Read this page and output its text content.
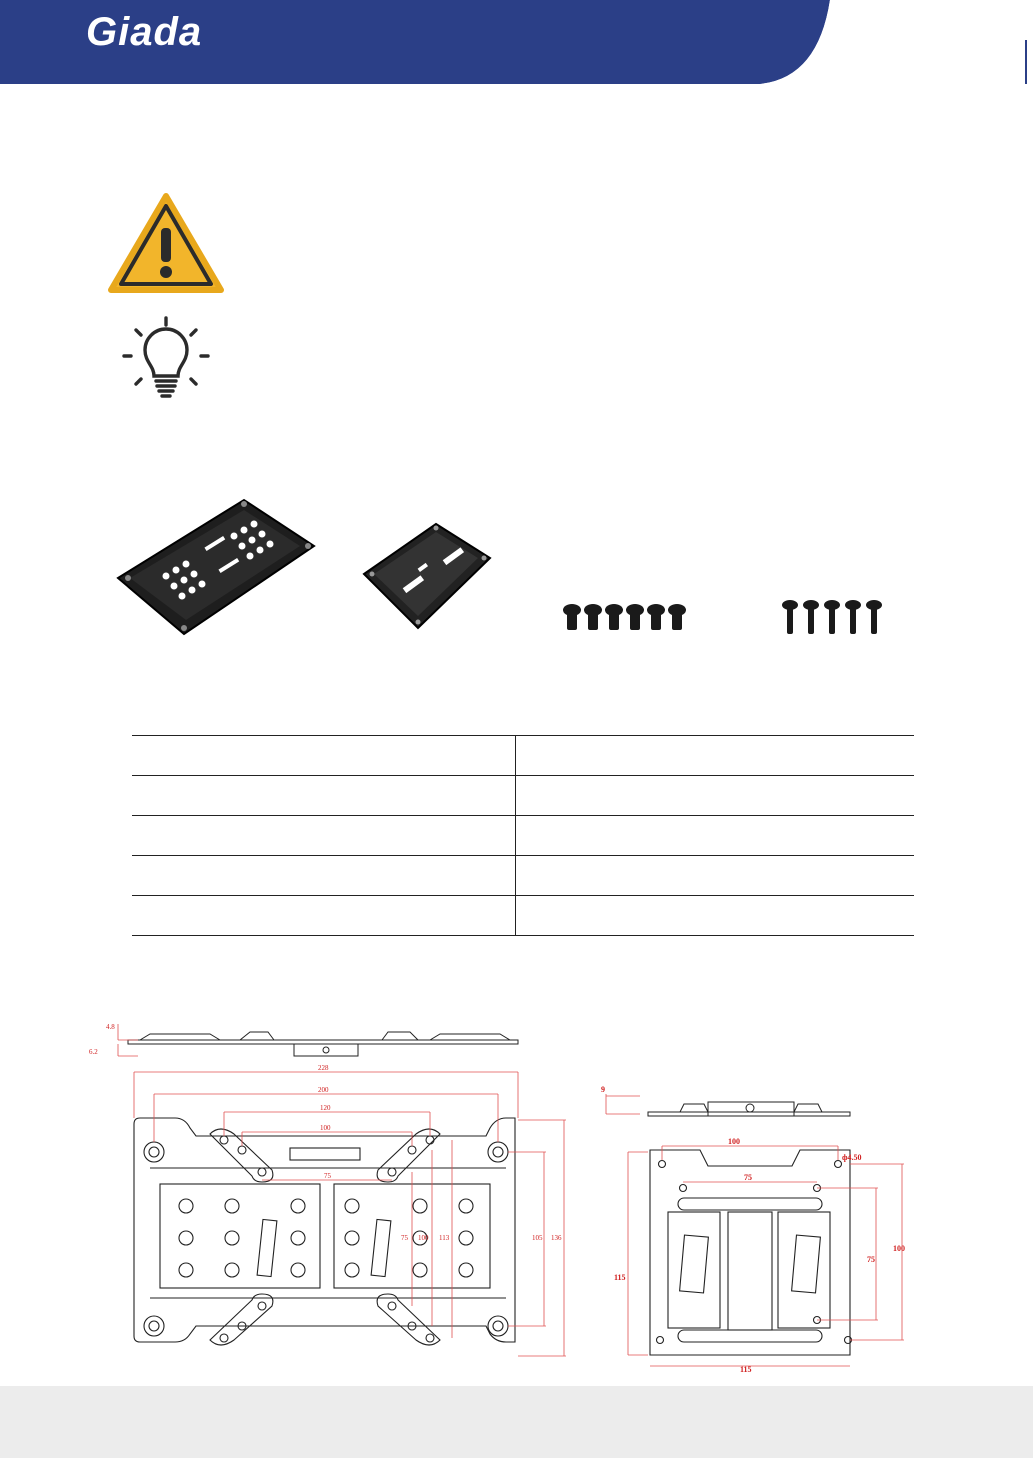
Giada

4.8
6.2
228
200
120
100
75
75 100 113	105 136
9
100
ф4.50
75
115
75
100
115
